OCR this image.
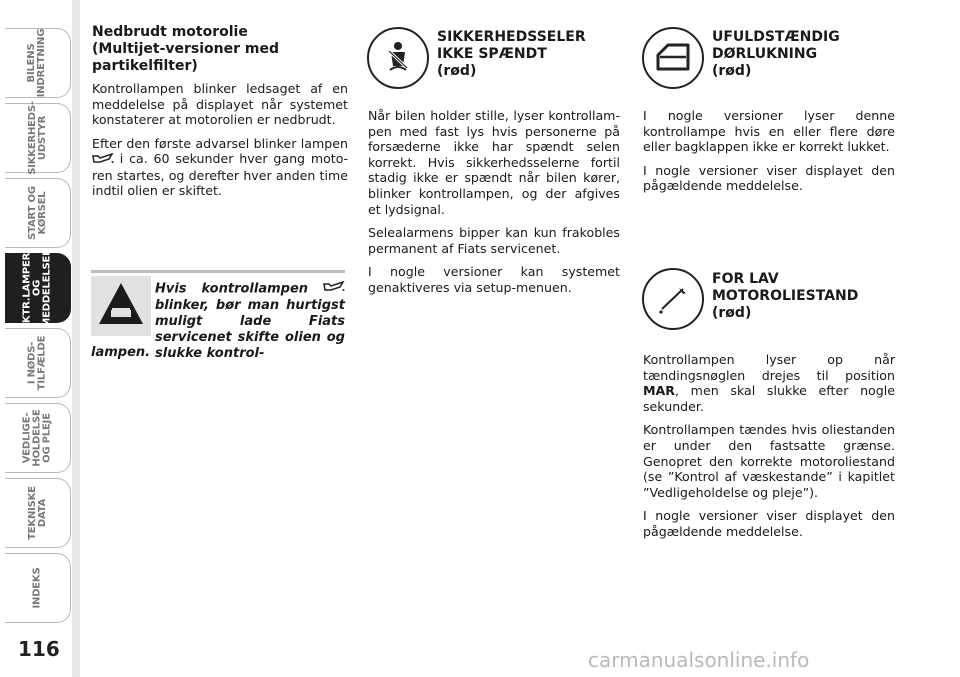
BILENS
INDRETNING
SIKKERHEDS-
UDSTYR
START OG
KØRSEL
KTR.LAMPER
OG
MEDDELELSER
I NØDS-
TILFÆLDE
VEDLIGE-
HOLDELSE
OG PLEJE
TEKNISKE
DATA
INDEKS
116
Nedbrudt motorolie
(Multijet-versioner med
partikelfilter)

Kontrollampen blinker ledsaget af en meddelelse på displayet når systemet konstaterer at motorolien er nedbrudt.

Efter den første advarsel blinker lampen  i ca. 60 sekunder hver gang motoren startes, og derefter hver anden time indtil olien er skiftet.

Hvis kontrollampen  blinker, bør man hurtigst muligt lade Fiats servicenet skifte olien og slukke kontrol-
lampen.
SIKKERHEDSSELER
IKKE SPÆNDT
(rød)

Når bilen holder stille, lyser kontrollampen med fast lys hvis personerne på forsæderne ikke har spændt selen korrekt. Hvis sikkerhedsselerne fortil stadig ikke er spændt når bilen kører, blinker kontrollampen, og der afgives et lydsignal.

Selealarmens bipper kan kun frakobles permanent af Fiats servicenet.

I nogle versioner kan systemet genaktiveres via setup-menuen.

UFULDSTÆNDIG
DØRLUKNING
(rød)

I nogle versioner lyser denne kontrollampe hvis en eller flere døre eller bagklappen ikke er korrekt lukket.

I nogle versioner viser displayet den pågældende meddelelse.

FOR LAV
MOTOROLIESTAND
(rød)

Kontrollampen lyser op når tændingsnøglen drejes til position MAR, men skal slukke efter nogle sekunder.

Kontrollampen tændes hvis oliestanden er under den fastsatte grænse. Genopret den korrekte motoroliestand (se ”Kontrol af væskestande” i kapitlet ”Vedligeholdelse og pleje”).

I nogle versioner viser displayet den pågældende meddelelse.

carmanualsonline.info
